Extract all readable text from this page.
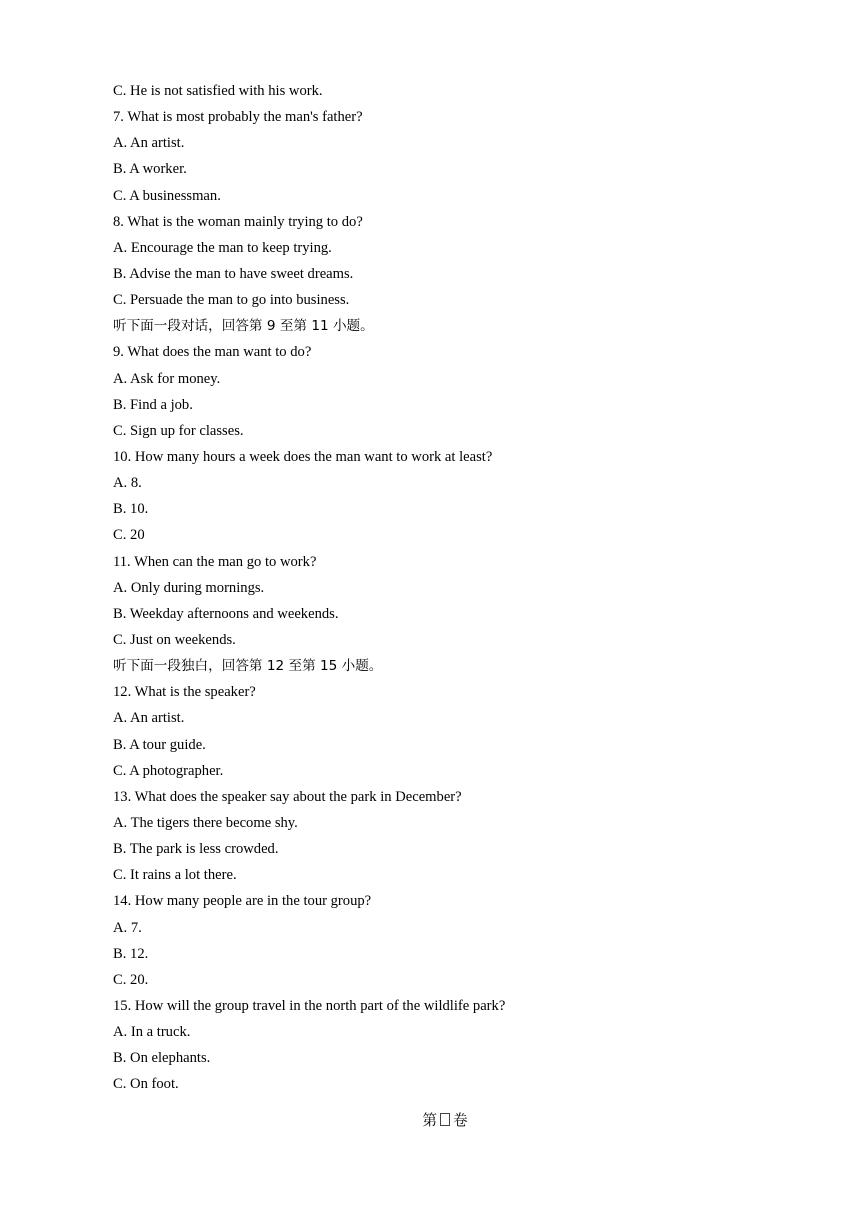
C. He is not satisfied with his work.
7. What is most probably the man's father?
A. An artist.
B. A worker.
C. A businessman.
8. What is the woman mainly trying to do?
A. Encourage the man to keep trying.
B. Advise the man to have sweet dreams.
C. Persuade the man to go into business.
听下面一段对话，回答第 9 至第 11 小题。
9. What does the man want to do?
A. Ask for money.
B. Find a job.
C. Sign up for classes.
10. How many hours a week does the man want to work at least?
A. 8.
B. 10.
C. 20
11. When can the man go to work?
A. Only during mornings.
B. Weekday afternoons and weekends.
C. Just on weekends.
听下面一段独白，回答第 12 至第 15 小题。
12. What is the speaker?
A. An artist.
B. A tour guide.
C. A photographer.
13. What does the speaker say about the park in December?
A. The tigers there become shy.
B. The park is less crowded.
C. It rains a lot there.
14. How many people are in the tour group?
A. 7.
B. 12.
C. 20.
15. How will the group travel in the north part of the wildlife park?
A. In a truck.
B. On elephants.
C. On foot.
第 卷
